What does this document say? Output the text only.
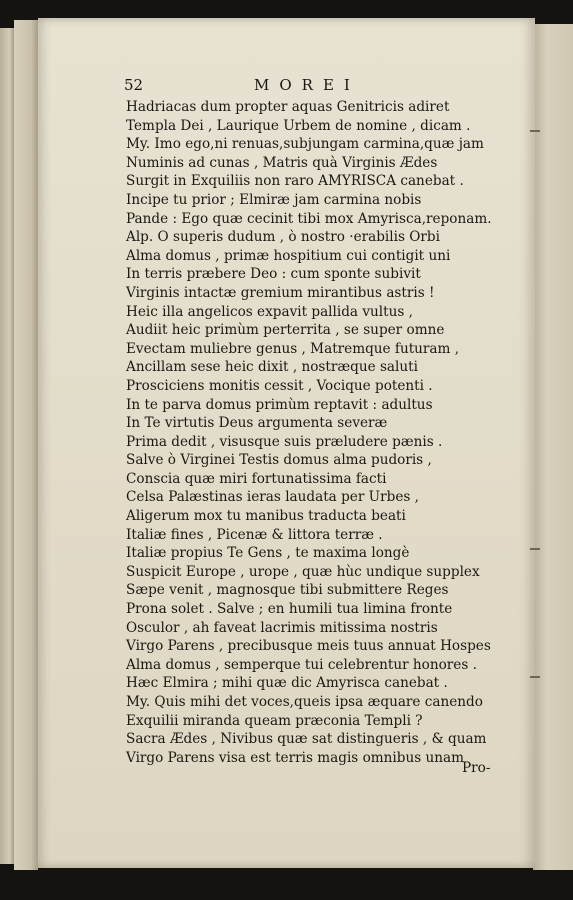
52	MOREI
Hadriacas dum propter aquas Genitricis adiret
Templa Dei , Laurique Urbem de nomine , dicam .
My. Imo ego,ni renuas,subjungam carmina,quæ jam
Numinis ad cunas , Matris quà Virginis Ædes
Surgit in Exquiliis non raro AMYRISCA canebat .
Incipe tu prior ; Elmiræ jam carmina nobis
Pande : Ego quæ cecinit tibi mox Amyrisca,reponam.
Alp. O superis dudum , ò nostro ·erabilis Orbi
Alma domus , primæ hospitium cui contigit uni
In terris præbere Deo : cum sponte subivit
Virginis intactæ gremium mirantibus astris !
Heic illa angelicos expavit pallida vultus ,
Audiit heic primùm perterrita , se super omne
Evectam muliebre genus , Matremque futuram ,
Ancillam sese heic dixit , nostræque saluti
Prosciciens monitis cessit , Vocique potenti .
In te parva domus primùm reptavit : adultus
In Te virtutis Deus argumenta severæ
Prima dedit , visusque suis præludere pænis .
Salve ò Virginei Testis domus alma pudoris ,
Conscia quæ miri fortunatissima facti
Celsa Palæstinas ieras laudata per Urbes ,
Aligerum mox tu manibus traducta beati
Italiæ fines , Picenæ & littora terræ .
Italiæ propius Te Gens , te maxima longè
Suspicit Europe , urope , quæ hùc undique supplex
Sæpe venit , magnosque tibi submittere Reges
Prona solet . Salve ; en humili tua limina fronte
Osculor , ah faveat lacrimis mitissima nostris
Virgo Parens , precibusque meis tuus annuat Hospes
Alma domus , semperque tui celebrentur honores .
Hæc Elmira ; mihi quæ dic Amyrisca canebat .
My. Quis mihi det voces,queis ipsa æquare canendo
Exquilii miranda queam præconia Templi ?
Sacra Ædes , Nivibus quæ sat distingueris , & quam
Virgo Parens visa est terris magis omnibus unam
Pro-
